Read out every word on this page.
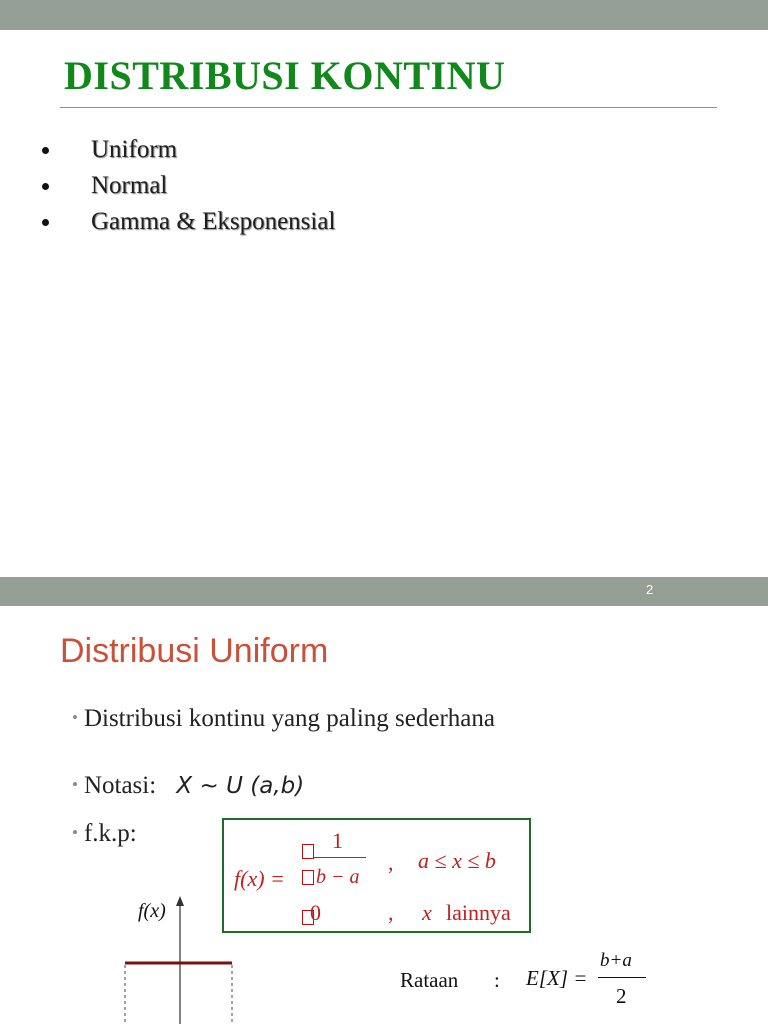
DISTRIBUSI KONTINU
Uniform
Normal
Gamma & Eksponensial
2
Distribusi Uniform
• Distribusi kontinu yang paling sederhana
• Notasi: X ~ U (a,b)
• f.k.p:
f(x) =
1
b − a
, a ≤ x ≤ b
0	, x lainnya
f(x)
Rataan : E[X] =
b+a
2
